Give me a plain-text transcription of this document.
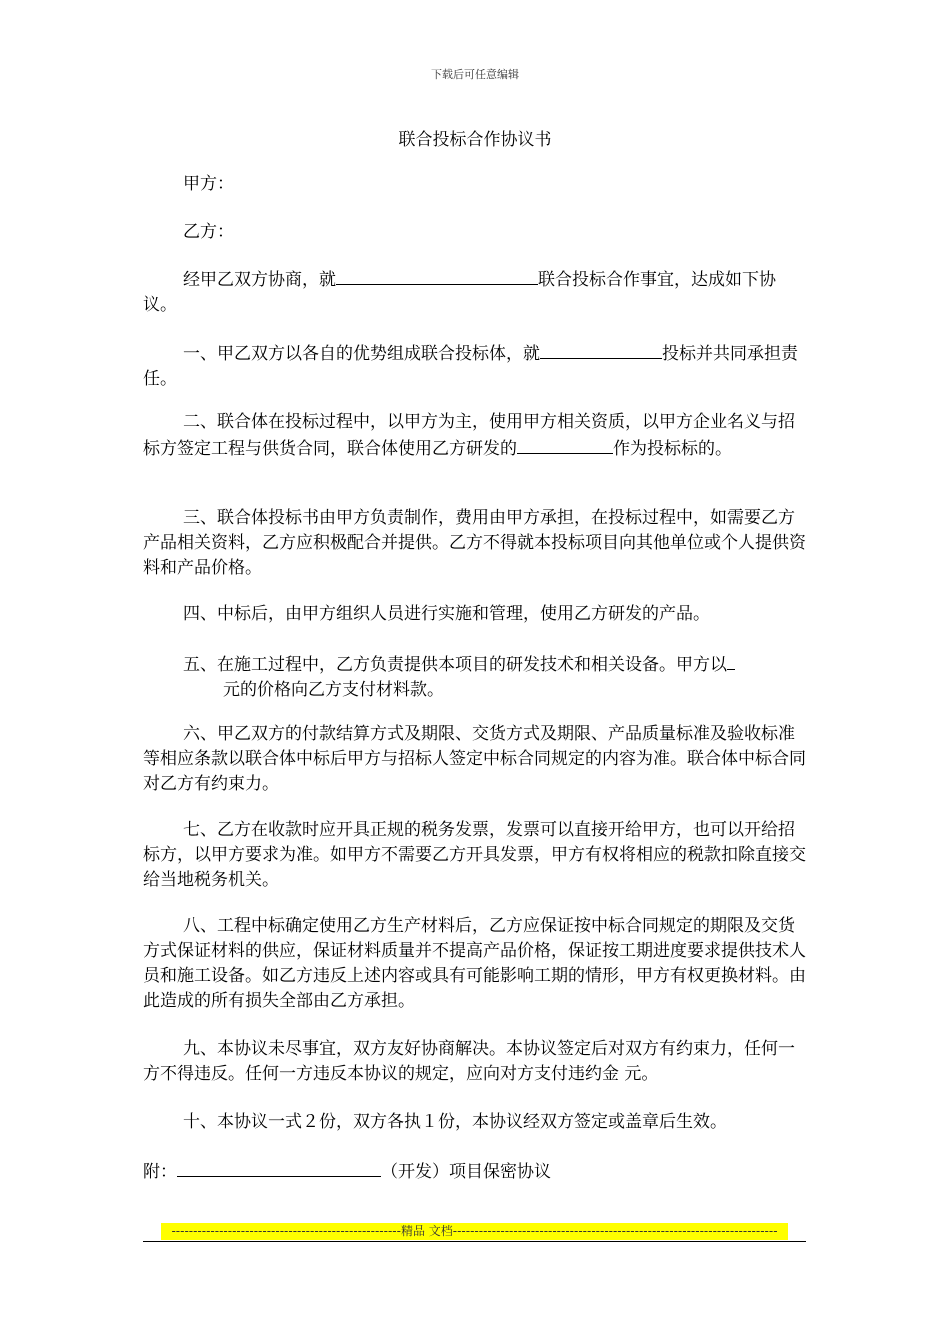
下载后可任意编辑
联合投标合作协议书
甲方：
乙方：
经甲乙双方协商，就	联合投标合作事宜，达成如下协议。
一、甲乙双方以各自的优势组成联合投标体，就	投标并共同承担责任。
二、联合体在投标过程中，以甲方为主，使用甲方相关资质，以甲方企业名义与招标方签定工程与供货合同，联合体使用乙方研发的	作为投标标的。
三、联合体投标书由甲方负责制作，费用由甲方承担，在投标过程中，如需要乙方产品相关资料，乙方应积极配合并提供。乙方不得就本投标项目向其他单位或个人提供资料和产品价格。
四、中标后，由甲方组织人员进行实施和管理，使用乙方研发的产品。
五、在施工过程中，乙方负责提供本项目的研发技术和相关设备。甲方以
元的价格向乙方支付材料款。
六、甲乙双方的付款结算方式及期限、交货方式及期限、产品质量标准及验收标准等相应条款以联合体中标后甲方与招标人签定中标合同规定的内容为准。联合体中标合同对乙方有约束力。
七、乙方在收款时应开具正规的税务发票，发票可以直接开给甲方，也可以开给招标方，以甲方要求为准。如甲方不需要乙方开具发票，甲方有权将相应的税款扣除直接交给当地税务机关。
八、工程中标确定使用乙方生产材料后，乙方应保证按中标合同规定的期限及交货方式保证材料的供应，保证材料质量并不提高产品价格，保证按工期进度要求提供技术人员和施工设备。如乙方违反上述内容或具有可能影响工期的情形，甲方有权更换材料。由此造成的所有损失全部由乙方承担。
九、本协议未尽事宜，双方友好协商解决。本协议签定后对双方有约束力，任何一方不得违反。任何一方违反本协议的规定，应向对方支付违约金 元。
十、本协议一式２份，双方各执１份，本协议经双方签定或盖章后生效。
附：	（开发）项目保密协议
-----------------------------------------------------精品 文档---------------------------------------------------------------------------
